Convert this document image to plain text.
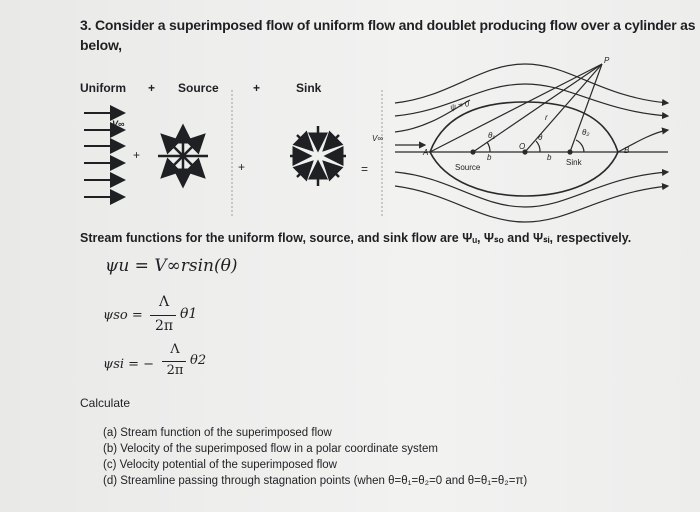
3. Consider a superimposed flow of uniform flow and doublet producing flow over a cylinder as
below,
Uniform + Source	+	Sink
V∞
+
+	=
V∞
ψ = 0
P
A	B
b	b
O
θ
θ₁	θ₂
r
Source
Sink
Stream functions for the uniform flow, source, and sink flow are Ψᵤ, Ψₛₒ and Ψₛᵢ, respectively.
ψu = V∞rsin(θ)
ψso =
Λ
2π
θ1
ψsi = −
Λ
2π
θ2
Calculate
(a) Stream function of the superimposed flow
(b) Velocity of the superimposed flow in a polar coordinate system
(c) Velocity potential of the superimposed flow
(d) Streamline passing through stagnation points (when θ=θ₁=θ₂=0 and θ=θ₁=θ₂=π)
